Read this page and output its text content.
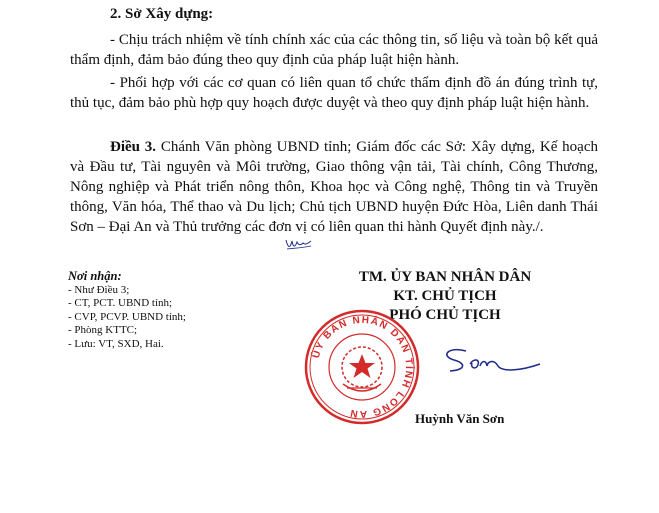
2. Sở Xây dựng:
- Chịu trách nhiệm về tính chính xác của các thông tin, số liệu và toàn bộ kết quả thẩm định, đảm bảo đúng theo quy định của pháp luật hiện hành.
- Phối hợp với các cơ quan có liên quan tổ chức thẩm định đồ án đúng trình tự, thủ tục, đảm bảo phù hợp quy hoạch được duyệt và theo quy định pháp luật hiện hành.
Điều 3. Chánh Văn phòng UBND tỉnh; Giám đốc các Sở: Xây dựng, Kế hoạch và Đầu tư, Tài nguyên và Môi trường, Giao thông vận tải, Tài chính, Công Thương, Nông nghiệp và Phát triển nông thôn, Khoa học và Công nghệ, Thông tin và Truyền thông, Văn hóa, Thể thao và Du lịch; Chủ tịch UBND huyện Đức Hòa, Liên danh Thái Sơn – Đại An và Thủ trưởng các đơn vị có liên quan thi hành Quyết định này./.
Nơi nhận:
- Như Điều 3;
- CT, PCT. UBND tỉnh;
- CVP, PCVP. UBND tỉnh;
- Phòng KTTC;
- Lưu: VT, SXD, Hai.
TM. ỦY BAN NHÂN DÂN
KT. CHỦ TỊCH
PHÓ CHỦ TỊCH
ỦY BAN NHÂN DÂN TỈNH LONG AN	Huỳnh Văn Sơn
